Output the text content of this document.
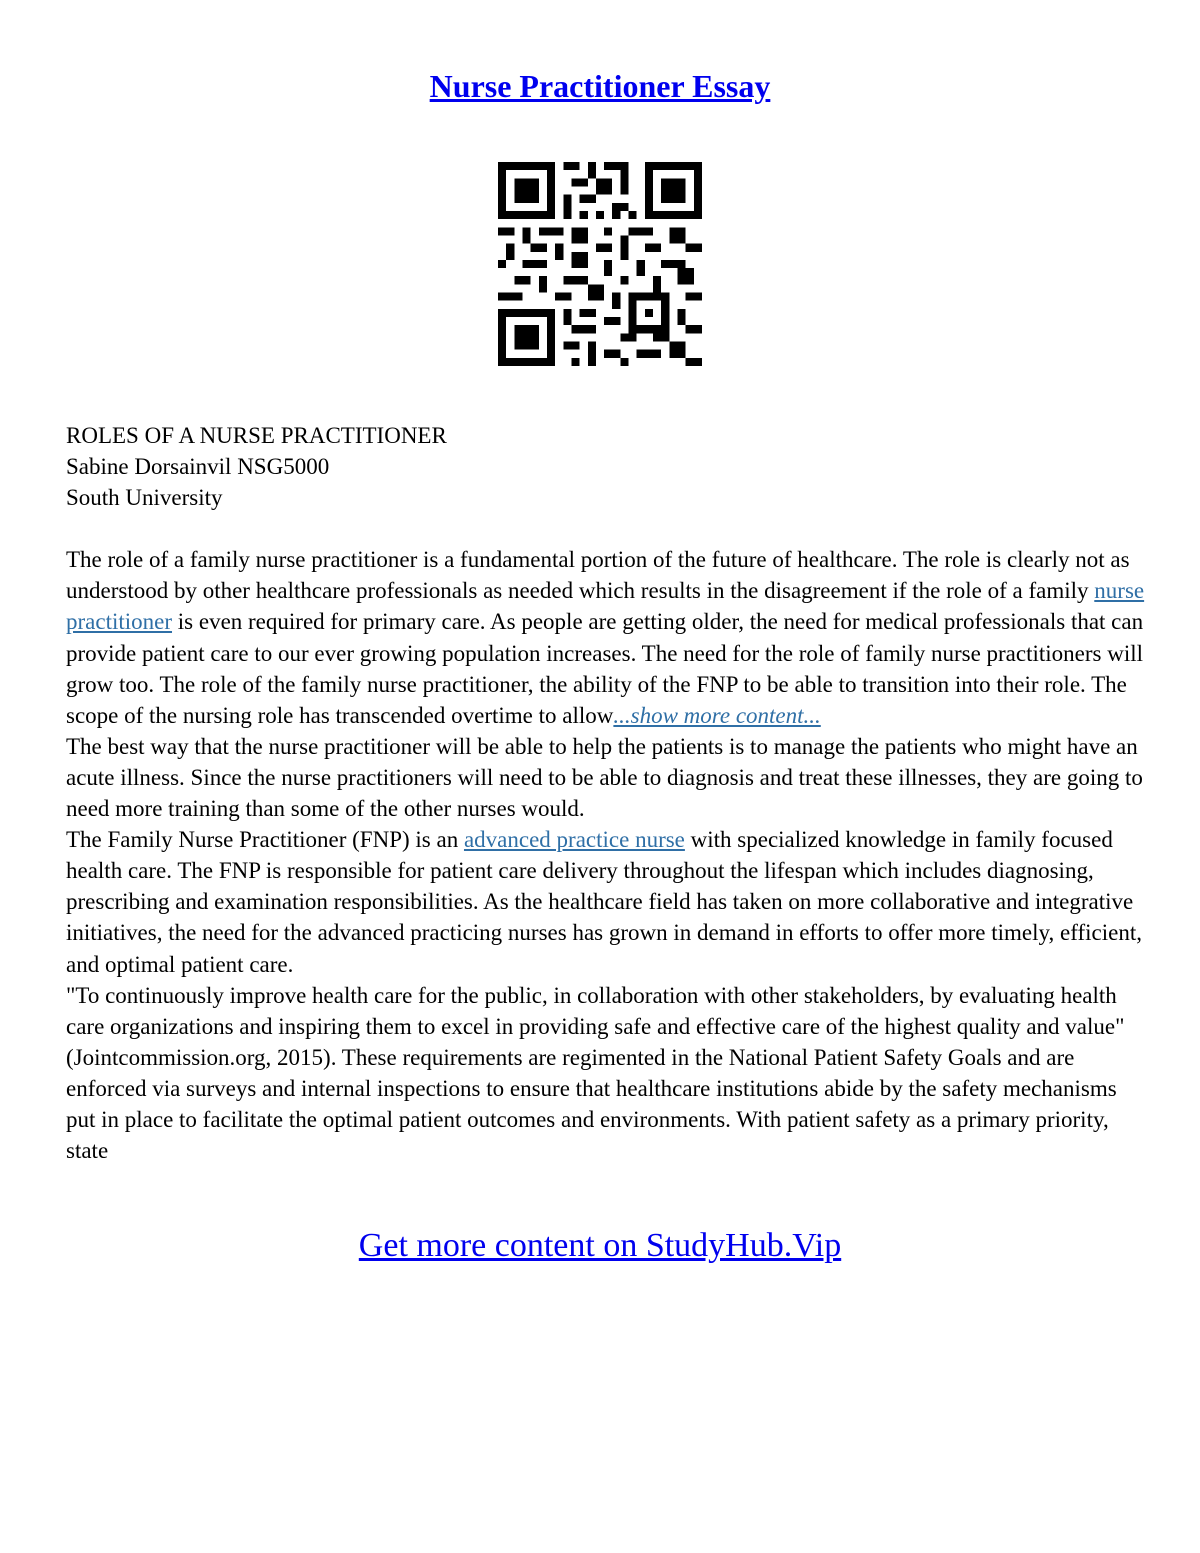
Nurse Practitioner Essay

ROLES OF A NURSE PRACTITIONER
Sabine Dorsainvil NSG5000
South University

The role of a family nurse practitioner is a fundamental portion of the future of healthcare. The role is clearly not as understood by other healthcare professionals as needed which results in the disagreement if the role of a family nurse practitioner is even required for primary care. As people are getting older, the need for medical professionals that can provide patient care to our ever growing population increases. The need for the role of family nurse practitioners will grow too. The role of the family nurse practitioner, the ability of the FNP to be able to transition into their role. The scope of the nursing role has transcended overtime to allow...show more content...

The best way that the nurse practitioner will be able to help the patients is to manage the patients who might have an acute illness. Since the nurse practitioners will need to be able to diagnosis and treat these illnesses, they are going to need more training than some of the other nurses would.

The Family Nurse Practitioner (FNP) is an advanced practice nurse with specialized knowledge in family focused health care. The FNP is responsible for patient care delivery throughout the lifespan which includes diagnosing, prescribing and examination responsibilities. As the healthcare field has taken on more collaborative and integrative initiatives, the need for the advanced practicing nurses has grown in demand in efforts to offer more timely, efficient, and optimal patient care.

"To continuously improve health care for the public, in collaboration with other stakeholders, by evaluating health care organizations and inspiring them to excel in providing safe and effective care of the highest quality and value" (Jointcommission.org, 2015). These requirements are regimented in the National Patient Safety Goals and are enforced via surveys and internal inspections to ensure that healthcare institutions abide by the safety mechanisms put in place to facilitate the optimal patient outcomes and environments. With patient safety as a primary priority, state

Get more content on StudyHub.Vip
